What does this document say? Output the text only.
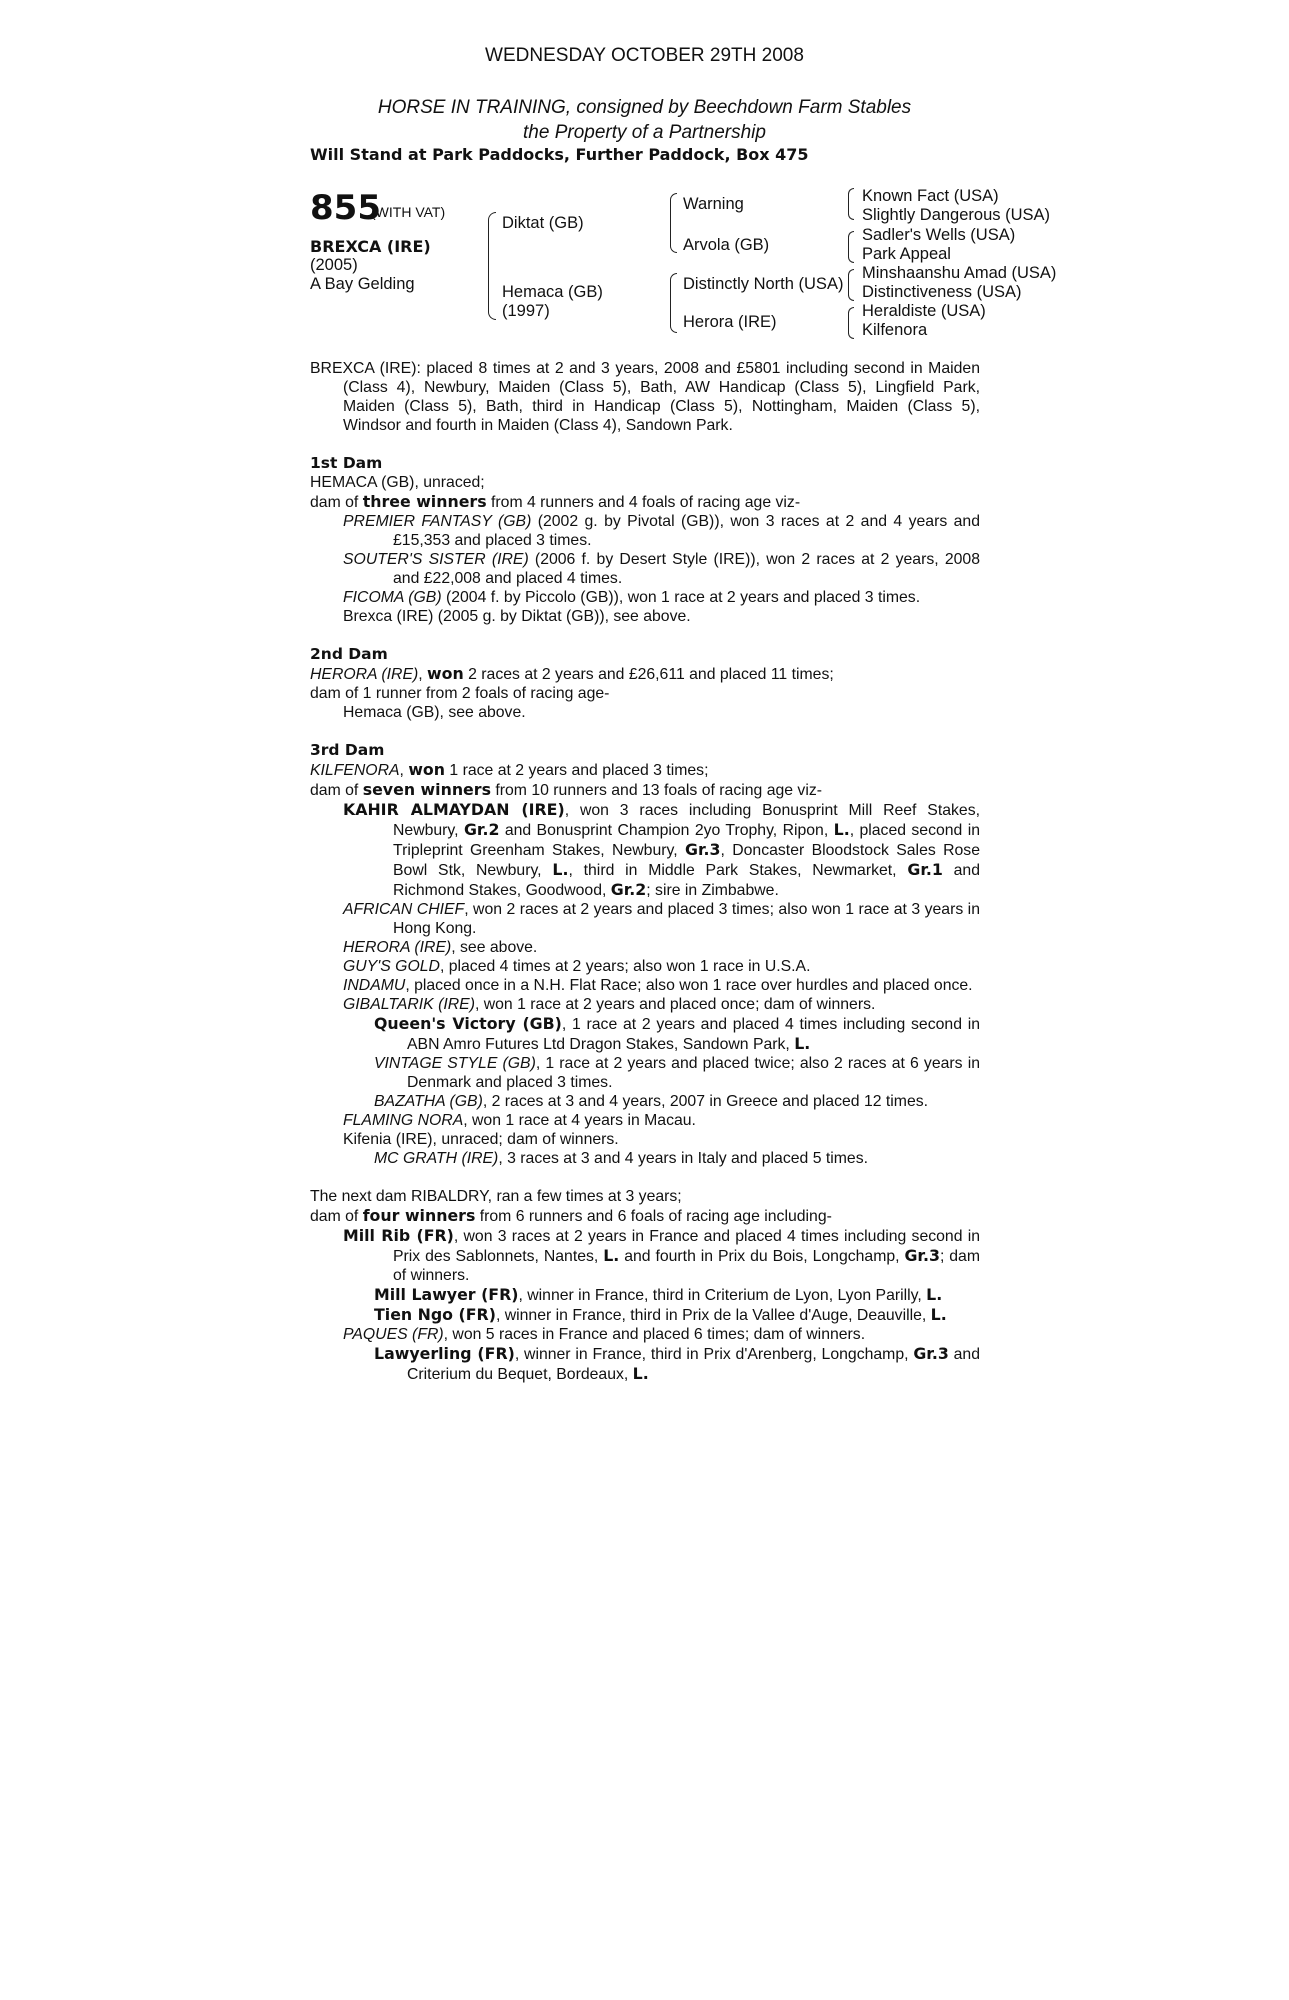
WEDNESDAY OCTOBER 29TH 2008
HORSE IN TRAINING, consigned by Beechdown Farm Stables
the Property of a Partnership
Will Stand at Park Paddocks, Further Paddock, Box 475
855
(WITH VAT)
BREXCA (IRE)
(2005)
A Bay Gelding
Diktat (GB)
Hemaca (GB)
(1997)
Warning
Arvola (GB)
Distinctly North (USA)
Herora (IRE)
Known Fact (USA)
Slightly Dangerous (USA)
Sadler's Wells (USA)
Park Appeal
Minshaanshu Amad (USA)
Distinctiveness (USA)
Heraldiste (USA)
Kilfenora

BREXCA (IRE): placed 8 times at 2 and 3 years, 2008 and £5801 including second in Maiden (Class 4), Newbury, Maiden (Class 5), Bath, AW Handicap (Class 5), Lingfield Park, Maiden (Class 5), Bath, third in Handicap (Class 5), Nottingham, Maiden (Class 5), Windsor and fourth in Maiden (Class 4), Sandown Park.

1st Dam

HEMACA (GB), unraced;

dam of three winners from 4 runners and 4 foals of racing age viz-

PREMIER FANTASY (GB) (2002 g. by Pivotal (GB)), won 3 races at 2 and 4 years and £15,353 and placed 3 times.

SOUTER'S SISTER (IRE) (2006 f. by Desert Style (IRE)), won 2 races at 2 years, 2008 and £22,008 and placed 4 times.

FICOMA (GB) (2004 f. by Piccolo (GB)), won 1 race at 2 years and placed 3 times.

Brexca (IRE) (2005 g. by Diktat (GB)), see above.

2nd Dam

HERORA (IRE), won 2 races at 2 years and £26,611 and placed 11 times;

dam of 1 runner from 2 foals of racing age-

Hemaca (GB), see above.

3rd Dam

KILFENORA, won 1 race at 2 years and placed 3 times;

dam of seven winners from 10 runners and 13 foals of racing age viz-

KAHIR ALMAYDAN (IRE), won 3 races including Bonusprint Mill Reef Stakes, Newbury, Gr.2 and Bonusprint Champion 2yo Trophy, Ripon, L., placed second in Tripleprint Greenham Stakes, Newbury, Gr.3, Doncaster Bloodstock Sales Rose Bowl Stk, Newbury, L., third in Middle Park Stakes, Newmarket, Gr.1 and Richmond Stakes, Goodwood, Gr.2; sire in Zimbabwe.

AFRICAN CHIEF, won 2 races at 2 years and placed 3 times; also won 1 race at 3 years in Hong Kong.

HERORA (IRE), see above.

GUY'S GOLD, placed 4 times at 2 years; also won 1 race in U.S.A.

INDAMU, placed once in a N.H. Flat Race; also won 1 race over hurdles and placed once.

GIBALTARIK (IRE), won 1 race at 2 years and placed once; dam of winners.

Queen's Victory (GB), 1 race at 2 years and placed 4 times including second in ABN Amro Futures Ltd Dragon Stakes, Sandown Park, L.

VINTAGE STYLE (GB), 1 race at 2 years and placed twice; also 2 races at 6 years in Denmark and placed 3 times.

BAZATHA (GB), 2 races at 3 and 4 years, 2007 in Greece and placed 12 times.

FLAMING NORA, won 1 race at 4 years in Macau.

Kifenia (IRE), unraced; dam of winners.

MC GRATH (IRE), 3 races at 3 and 4 years in Italy and placed 5 times.

The next dam RIBALDRY, ran a few times at 3 years;

dam of four winners from 6 runners and 6 foals of racing age including-

Mill Rib (FR), won 3 races at 2 years in France and placed 4 times including second in Prix des Sablonnets, Nantes, L. and fourth in Prix du Bois, Longchamp, Gr.3; dam of winners.

Mill Lawyer (FR), winner in France, third in Criterium de Lyon, Lyon Parilly, L.

Tien Ngo (FR), winner in France, third in Prix de la Vallee d'Auge, Deauville, L.

PAQUES (FR), won 5 races in France and placed 6 times; dam of winners.

Lawyerling (FR), winner in France, third in Prix d'Arenberg, Longchamp, Gr.3 and Criterium du Bequet, Bordeaux, L.
